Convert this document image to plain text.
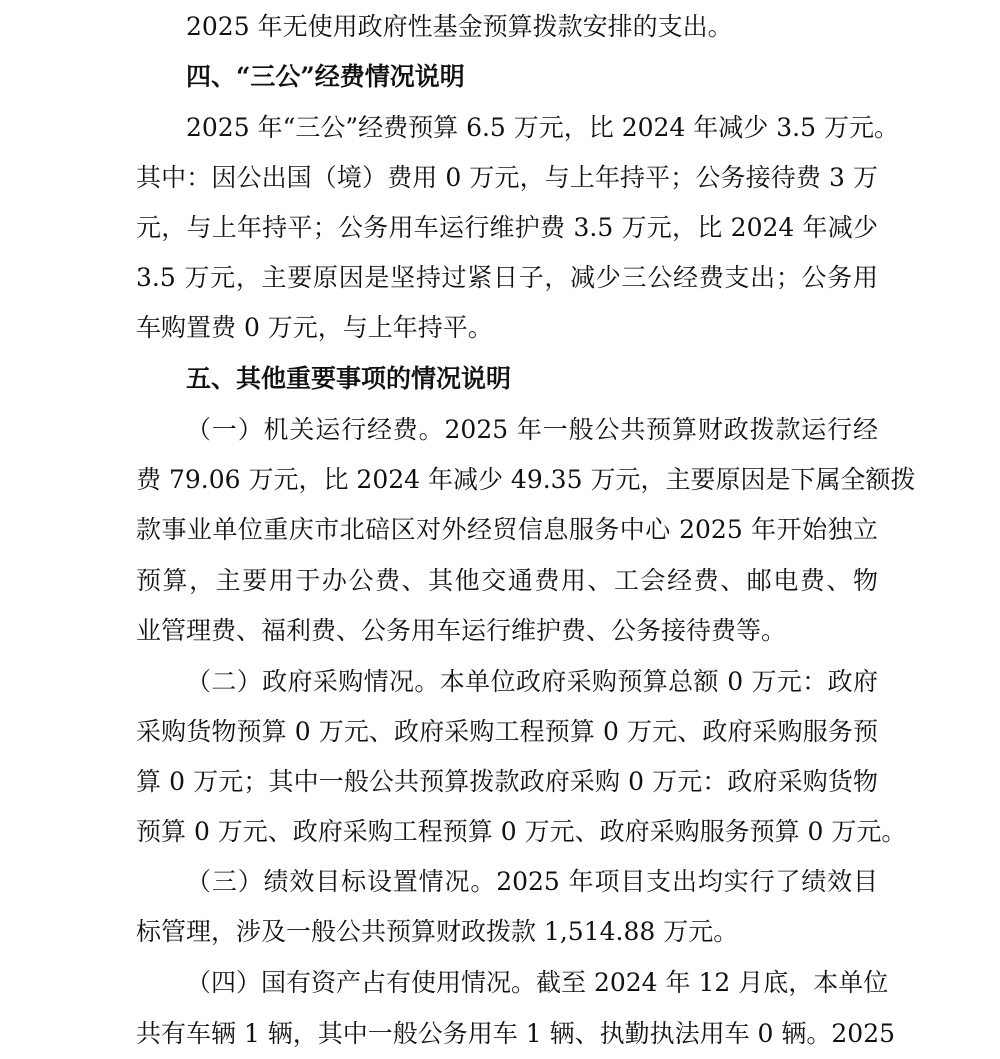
2025 年无使用政府性基金预算拨款安排的支出。
四、“三公”经费情况说明
2025 年“三公”经费预算 6.5 万元，比 2024 年减少 3.5 万元。
其中：因公出国（境）费用 0 万元，与上年持平；公务接待费 3 万
元，与上年持平；公务用车运行维护费 3.5 万元，比 2024 年减少
3.5 万元，主要原因是坚持过紧日子，减少三公经费支出；公务用
车购置费 0 万元，与上年持平。
五、其他重要事项的情况说明
（一）机关运行经费。2025 年一般公共预算财政拨款运行经
费 79.06 万元，比 2024 年减少 49.35 万元，主要原因是下属全额拨
款事业单位重庆市北碚区对外经贸信息服务中心 2025 年开始独立
预算，主要用于办公费、其他交通费用、工会经费、邮电费、物
业管理费、福利费、公务用车运行维护费、公务接待费等。
（二）政府采购情况。本单位政府采购预算总额 0 万元：政府
采购货物预算 0 万元、政府采购工程预算 0 万元、政府采购服务预
算 0 万元；其中一般公共预算拨款政府采购 0 万元：政府采购货物
预算 0 万元、政府采购工程预算 0 万元、政府采购服务预算 0 万元。
（三）绩效目标设置情况。2025 年项目支出均实行了绩效目
标管理，涉及一般公共预算财政拨款 1,514.88 万元。
（四）国有资产占有使用情况。截至 2024 年 12 月底，本单位
共有车辆 1 辆，其中一般公务用车 1 辆、执勤执法用车 0 辆。2025
